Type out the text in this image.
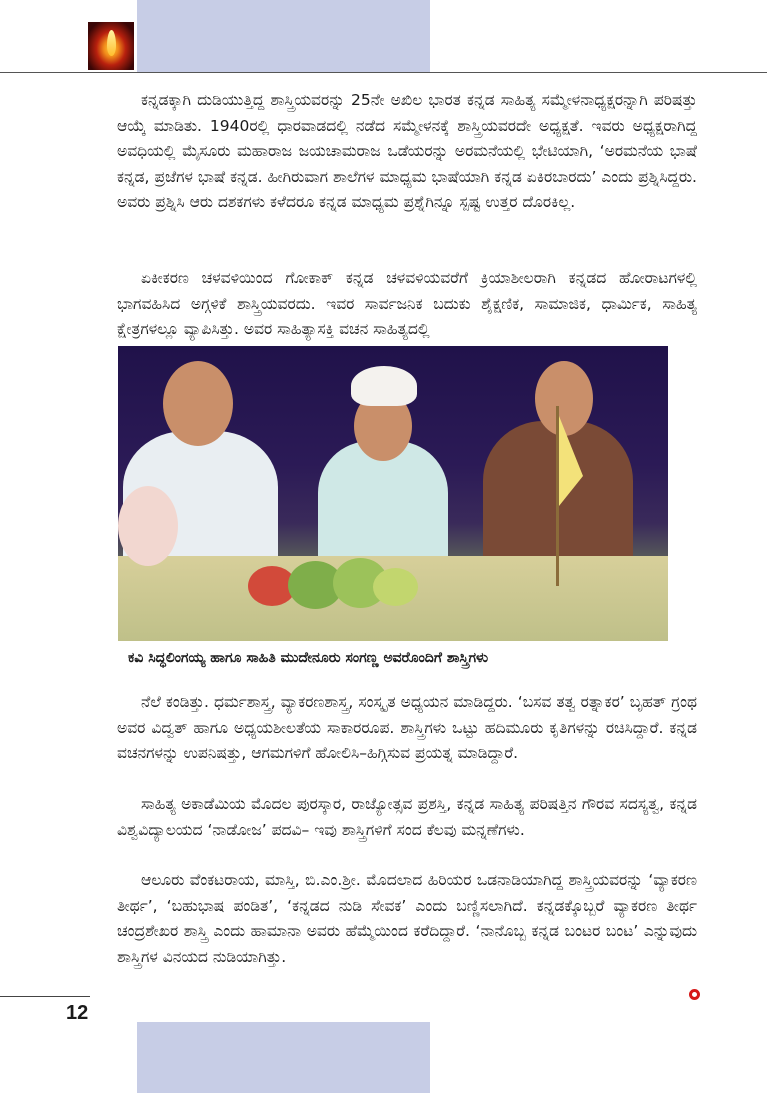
ಕನ್ನಡಕ್ಕಾಗಿ ದುಡಿಯುತ್ತಿದ್ದ ಶಾಸ್ತ್ರಿಯವರನ್ನು 25ನೇ ಅಖಿಲ ಭಾರತ ಕನ್ನಡ ಸಾಹಿತ್ಯ ಸಮ್ಮೇಳನಾಧ್ಯಕ್ಷರನ್ನಾಗಿ ಪರಿಷತ್ತು ಆಯ್ಕೆ ಮಾಡಿತು. 1940ರಲ್ಲಿ ಧಾರವಾಡದಲ್ಲಿ ನಡೆದ ಸಮ್ಮೇಳನಕ್ಕೆ ಶಾಸ್ತ್ರಿಯವರದೇ ಅಧ್ಯಕ್ಷತೆ. ಇವರು ಅಧ್ಯಕ್ಷರಾಗಿದ್ದ ಅವಧಿಯಲ್ಲಿ ಮೈಸೂರು ಮಹಾರಾಜ ಜಯಚಾಮರಾಜ ಒಡೆಯರನ್ನು ಅರಮನೆಯಲ್ಲಿ ಭೇಟಿಯಾಗಿ, ‘ಅರಮನೆಯ ಭಾಷೆ ಕನ್ನಡ, ಪ್ರಜೆಗಳ ಭಾಷೆ ಕನ್ನಡ. ಹೀಗಿರುವಾಗ ಶಾಲೆಗಳ ಮಾಧ್ಯಮ ಭಾಷೆಯಾಗಿ ಕನ್ನಡ ಏಕಿರಬಾರದು’ ಎಂದು ಪ್ರಶ್ನಿಸಿದ್ದರು. ಅವರು ಪ್ರಶ್ನಿಸಿ ಆರು ದಶಕಗಳು ಕಳೆದರೂ ಕನ್ನಡ ಮಾಧ್ಯಮ ಪ್ರಶ್ನೆಗಿನ್ನೂ ಸ್ಪಷ್ಟ ಉತ್ತರ ದೊರಕಿಲ್ಲ.

ಏಕೀಕರಣ ಚಳವಳಿಯಿಂದ ಗೋಕಾಕ್ ಕನ್ನಡ ಚಳವಳಿಯವರೆಗೆ ಕ್ರಿಯಾಶೀಲರಾಗಿ ಕನ್ನಡದ ಹೋರಾಟಗಳಲ್ಲಿ ಭಾಗವಹಿಸಿದ ಅಗ್ಗಳಿಕೆ ಶಾಸ್ತ್ರಿಯವರದು. ಇವರ ಸಾರ್ವಜನಿಕ ಬದುಕು ಶೈಕ್ಷಣಿಕ, ಸಾಮಾಜಿಕ, ಧಾರ್ಮಿಕ, ಸಾಹಿತ್ಯ ಕ್ಷೇತ್ರಗಳಲ್ಲೂ ವ್ಯಾಪಿಸಿತ್ತು. ಅವರ ಸಾಹಿತ್ಯಾಸಕ್ತಿ ವಚನ ಸಾಹಿತ್ಯದಲ್ಲಿ

ಕವಿ ಸಿದ್ಧಲಿಂಗಯ್ಯ ಹಾಗೂ ಸಾಹಿತಿ ಮುದೇನೂರು ಸಂಗಣ್ಣ ಅವರೊಂದಿಗೆ ಶಾಸ್ತ್ರಿಗಳು

ನೆಲೆ ಕಂಡಿತ್ತು. ಧರ್ಮಶಾಸ್ತ್ರ, ವ್ಯಾಕರಣಶಾಸ್ತ್ರ, ಸಂಸ್ಕೃತ ಅಧ್ಯಯನ ಮಾಡಿದ್ದರು. ‘ಬಸವ ತತ್ವ ರತ್ನಾಕರ’ ಬೃಹತ್ ಗ್ರಂಥ ಅವರ ವಿದ್ವತ್ ಹಾಗೂ ಅಧ್ಯಯಶೀಲತೆಯ ಸಾಕಾರರೂಪ. ಶಾಸ್ತ್ರಿಗಳು ಒಟ್ಟು ಹದಿಮೂರು ಕೃತಿಗಳನ್ನು ರಚಿಸಿದ್ದಾರೆ. ಕನ್ನಡ ವಚನಗಳನ್ನು ಉಪನಿಷತ್ತು, ಆಗಮಗಳಿಗೆ ಹೋಲಿಸಿ–ಹಿಗ್ಗಿಸುವ ಪ್ರಯತ್ನ ಮಾಡಿದ್ದಾರೆ.

ಸಾಹಿತ್ಯ ಅಕಾಡೆಮಿಯ ಮೊದಲ ಪುರಸ್ಕಾರ, ರಾಜ್ಯೋತ್ಸವ ಪ್ರಶಸ್ತಿ, ಕನ್ನಡ ಸಾಹಿತ್ಯ ಪರಿಷತ್ತಿನ ಗೌರವ ಸದಸ್ಯತ್ವ, ಕನ್ನಡ ವಿಶ್ವವಿದ್ಯಾಲಯದ ‘ನಾಡೋಜ’ ಪದವಿ– ಇವು ಶಾಸ್ತ್ರಿಗಳಿಗೆ ಸಂದ ಕೆಲವು ಮನ್ನಣೆಗಳು.

ಆಲೂರು ವೆಂಕಟರಾಯ, ಮಾಸ್ತಿ, ಬಿ.ಎಂ.ಶ್ರೀ. ಮೊದಲಾದ ಹಿರಿಯರ ಒಡನಾಡಿಯಾಗಿದ್ದ ಶಾಸ್ತ್ರಿಯವರನ್ನು ‘ವ್ಯಾಕರಣ ತೀರ್ಥ’, ‘ಬಹುಭಾಷ ಪಂಡಿತ’, ‘ಕನ್ನಡದ ನುಡಿ ಸೇವಕ’ ಎಂದು ಬಣ್ಣಿಸಲಾಗಿದೆ. ಕನ್ನಡಕ್ಕೊಬ್ಬರೆ ವ್ಯಾಕರಣ ತೀರ್ಥ ಚಂದ್ರಶೇಖರ ಶಾಸ್ತ್ರಿ ಎಂದು ಹಾಮಾನಾ ಅವರು ಹೆಮ್ಮೆಯಿಂದ ಕರೆದಿದ್ದಾರೆ. ‘ನಾನೊಬ್ಬ ಕನ್ನಡ ಬಂಟರ ಬಂಟ’ ಎನ್ನುವುದು ಶಾಸ್ತ್ರಿಗಳ ವಿನಯದ ನುಡಿಯಾಗಿತ್ತು.

12
